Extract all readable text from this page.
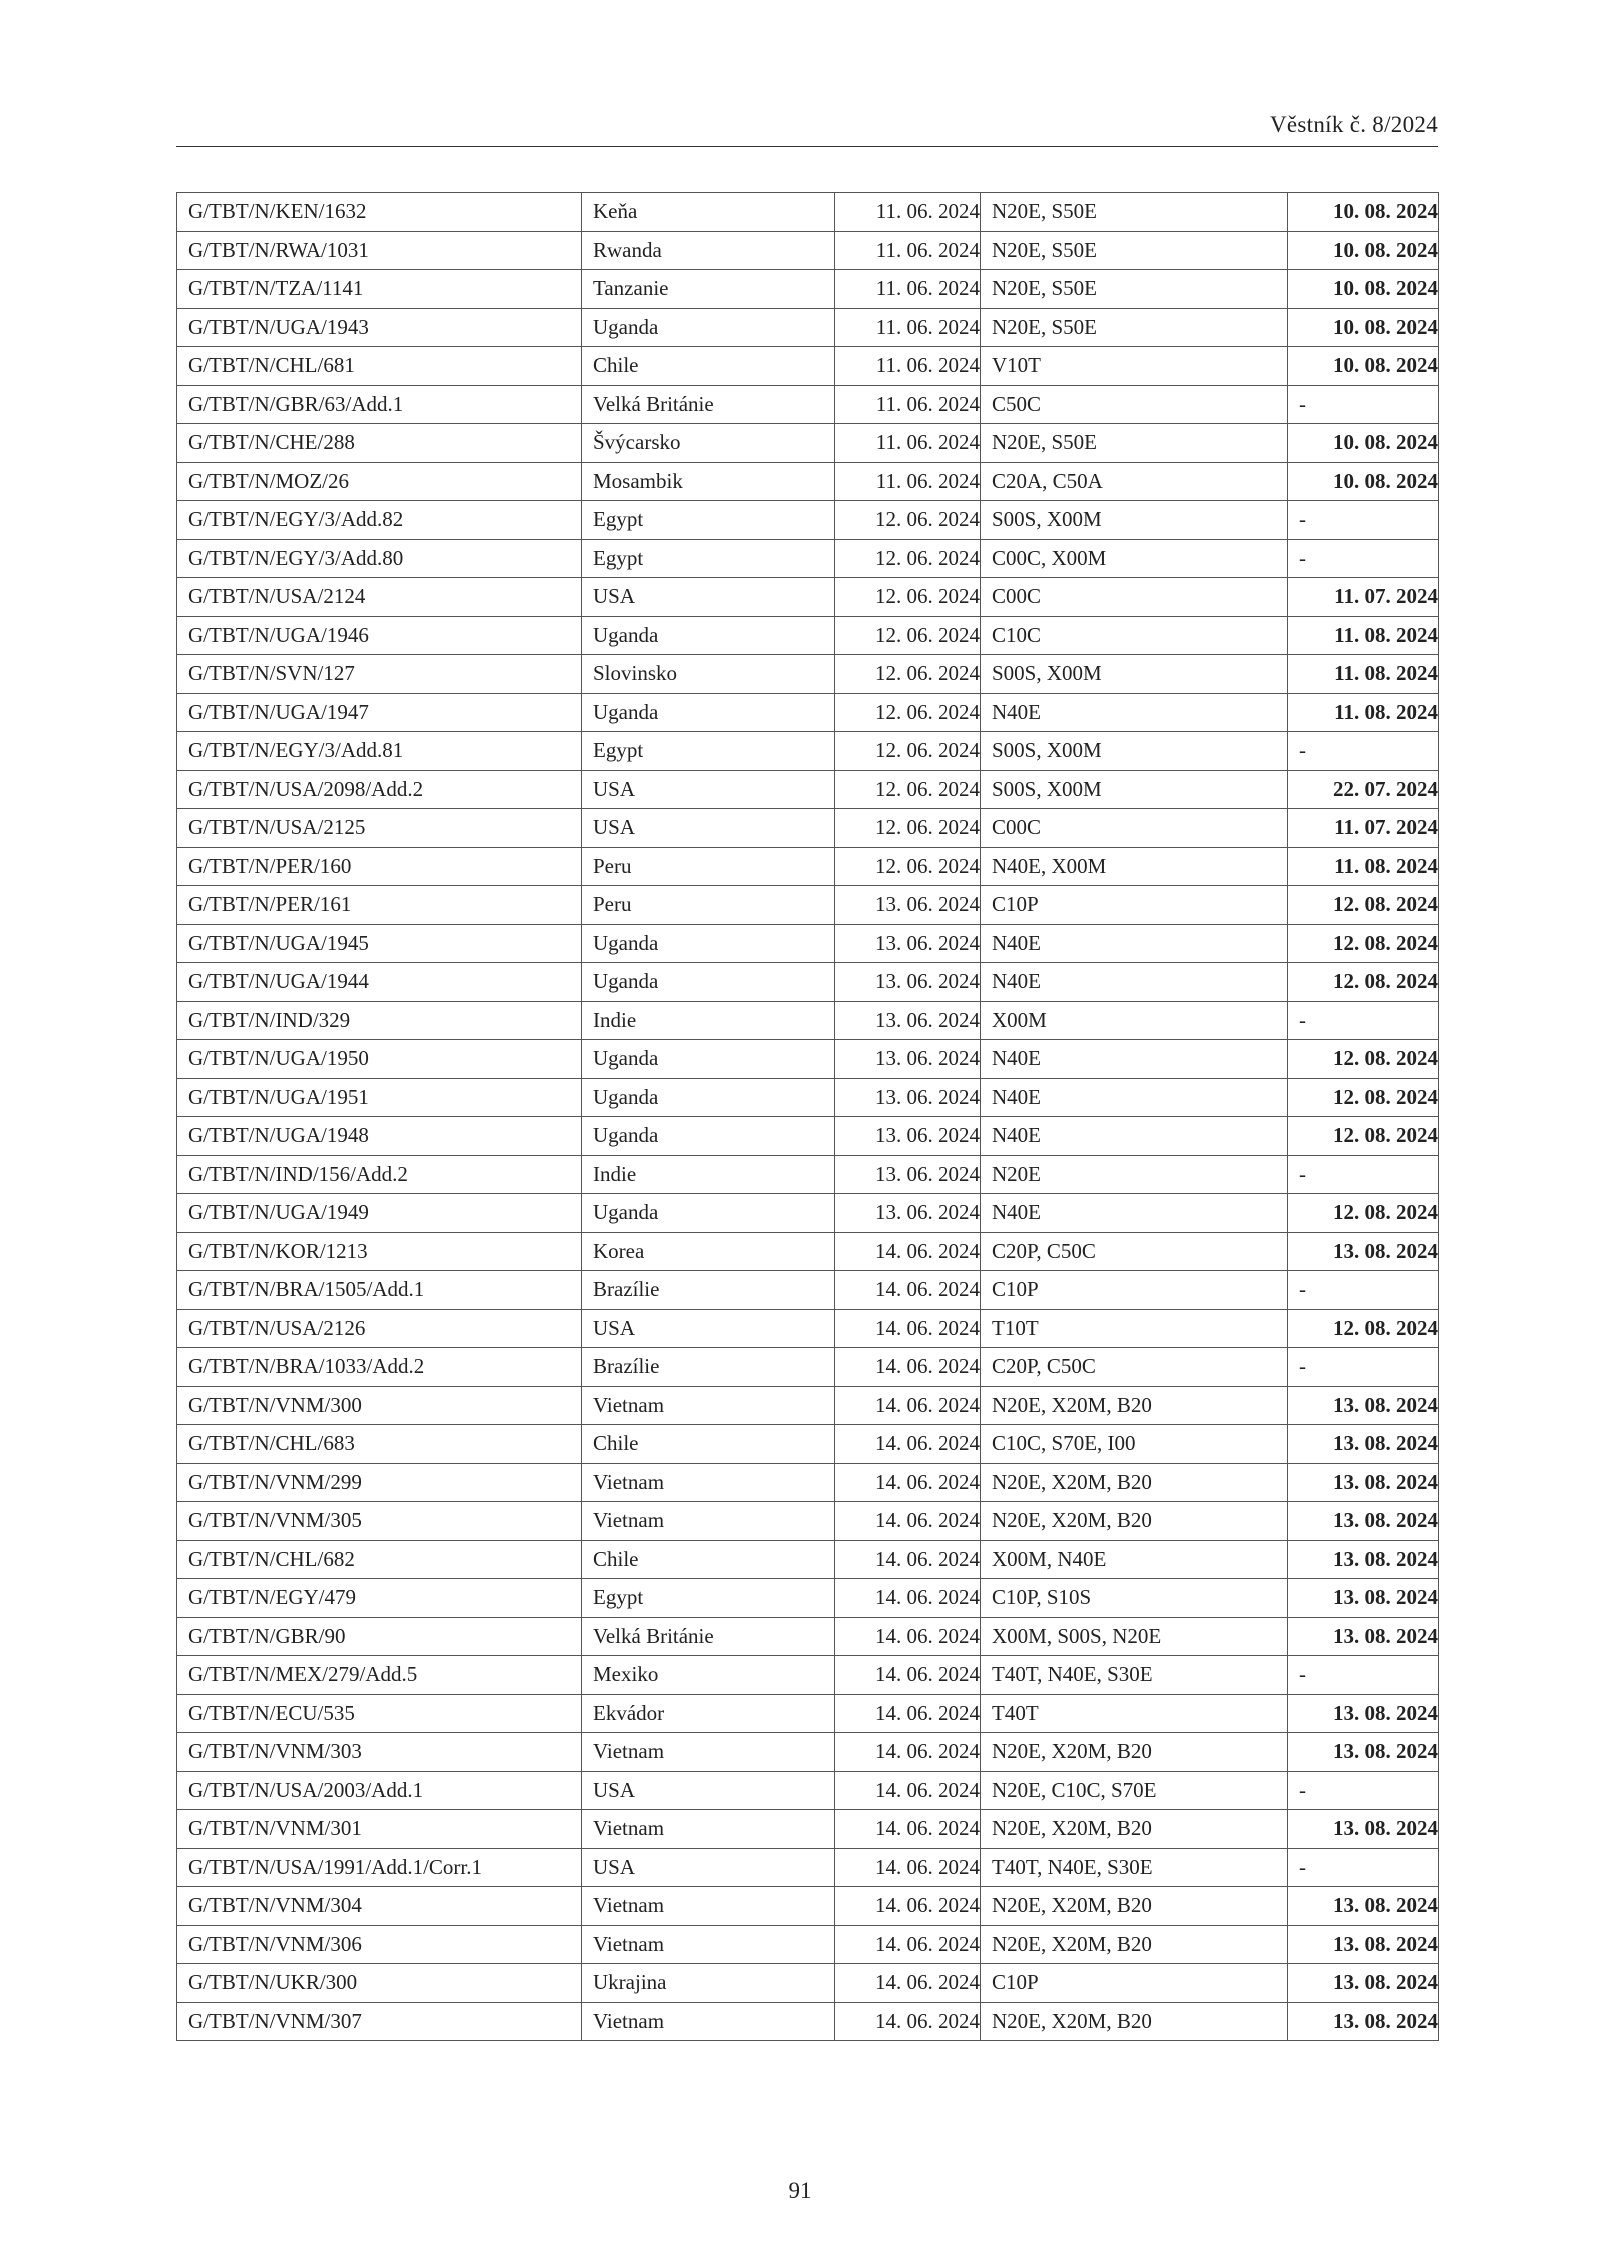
Věstník č. 8/2024
G/TBT/N/KEN/1632	Keňa	11. 06. 2024	N20E, S50E	10. 08. 2024
G/TBT/N/RWA/1031	Rwanda	11. 06. 2024	N20E, S50E	10. 08. 2024
G/TBT/N/TZA/1141	Tanzanie	11. 06. 2024	N20E, S50E	10. 08. 2024
G/TBT/N/UGA/1943	Uganda	11. 06. 2024	N20E, S50E	10. 08. 2024
G/TBT/N/CHL/681	Chile	11. 06. 2024	V10T	10. 08. 2024
G/TBT/N/GBR/63/Add.1	Velká Británie	11. 06. 2024	C50C	-
G/TBT/N/CHE/288	Švýcarsko	11. 06. 2024	N20E, S50E	10. 08. 2024
G/TBT/N/MOZ/26	Mosambik	11. 06. 2024	C20A, C50A	10. 08. 2024
G/TBT/N/EGY/3/Add.82	Egypt	12. 06. 2024	S00S, X00M	-
G/TBT/N/EGY/3/Add.80	Egypt	12. 06. 2024	C00C, X00M	-
G/TBT/N/USA/2124	USA	12. 06. 2024	C00C	11. 07. 2024
G/TBT/N/UGA/1946	Uganda	12. 06. 2024	C10C	11. 08. 2024
G/TBT/N/SVN/127	Slovinsko	12. 06. 2024	S00S, X00M	11. 08. 2024
G/TBT/N/UGA/1947	Uganda	12. 06. 2024	N40E	11. 08. 2024
G/TBT/N/EGY/3/Add.81	Egypt	12. 06. 2024	S00S, X00M	-
G/TBT/N/USA/2098/Add.2	USA	12. 06. 2024	S00S, X00M	22. 07. 2024
G/TBT/N/USA/2125	USA	12. 06. 2024	C00C	11. 07. 2024
G/TBT/N/PER/160	Peru	12. 06. 2024	N40E, X00M	11. 08. 2024
G/TBT/N/PER/161	Peru	13. 06. 2024	C10P	12. 08. 2024
G/TBT/N/UGA/1945	Uganda	13. 06. 2024	N40E	12. 08. 2024
G/TBT/N/UGA/1944	Uganda	13. 06. 2024	N40E	12. 08. 2024
G/TBT/N/IND/329	Indie	13. 06. 2024	X00M	-
G/TBT/N/UGA/1950	Uganda	13. 06. 2024	N40E	12. 08. 2024
G/TBT/N/UGA/1951	Uganda	13. 06. 2024	N40E	12. 08. 2024
G/TBT/N/UGA/1948	Uganda	13. 06. 2024	N40E	12. 08. 2024
G/TBT/N/IND/156/Add.2	Indie	13. 06. 2024	N20E	-
G/TBT/N/UGA/1949	Uganda	13. 06. 2024	N40E	12. 08. 2024
G/TBT/N/KOR/1213	Korea	14. 06. 2024	C20P, C50C	13. 08. 2024
G/TBT/N/BRA/1505/Add.1	Brazílie	14. 06. 2024	C10P	-
G/TBT/N/USA/2126	USA	14. 06. 2024	T10T	12. 08. 2024
G/TBT/N/BRA/1033/Add.2	Brazílie	14. 06. 2024	C20P, C50C	-
G/TBT/N/VNM/300	Vietnam	14. 06. 2024	N20E, X20M, B20	13. 08. 2024
G/TBT/N/CHL/683	Chile	14. 06. 2024	C10C, S70E, I00	13. 08. 2024
G/TBT/N/VNM/299	Vietnam	14. 06. 2024	N20E, X20M, B20	13. 08. 2024
G/TBT/N/VNM/305	Vietnam	14. 06. 2024	N20E, X20M, B20	13. 08. 2024
G/TBT/N/CHL/682	Chile	14. 06. 2024	X00M, N40E	13. 08. 2024
G/TBT/N/EGY/479	Egypt	14. 06. 2024	C10P, S10S	13. 08. 2024
G/TBT/N/GBR/90	Velká Británie	14. 06. 2024	X00M, S00S, N20E	13. 08. 2024
G/TBT/N/MEX/279/Add.5	Mexiko	14. 06. 2024	T40T, N40E, S30E	-
G/TBT/N/ECU/535	Ekvádor	14. 06. 2024	T40T	13. 08. 2024
G/TBT/N/VNM/303	Vietnam	14. 06. 2024	N20E, X20M, B20	13. 08. 2024
G/TBT/N/USA/2003/Add.1	USA	14. 06. 2024	N20E, C10C, S70E	-
G/TBT/N/VNM/301	Vietnam	14. 06. 2024	N20E, X20M, B20	13. 08. 2024
G/TBT/N/USA/1991/Add.1/Corr.1	USA	14. 06. 2024	T40T, N40E, S30E	-
G/TBT/N/VNM/304	Vietnam	14. 06. 2024	N20E, X20M, B20	13. 08. 2024
G/TBT/N/VNM/306	Vietnam	14. 06. 2024	N20E, X20M, B20	13. 08. 2024
G/TBT/N/UKR/300	Ukrajina	14. 06. 2024	C10P	13. 08. 2024
G/TBT/N/VNM/307	Vietnam	14. 06. 2024	N20E, X20M, B20	13. 08. 2024
91
